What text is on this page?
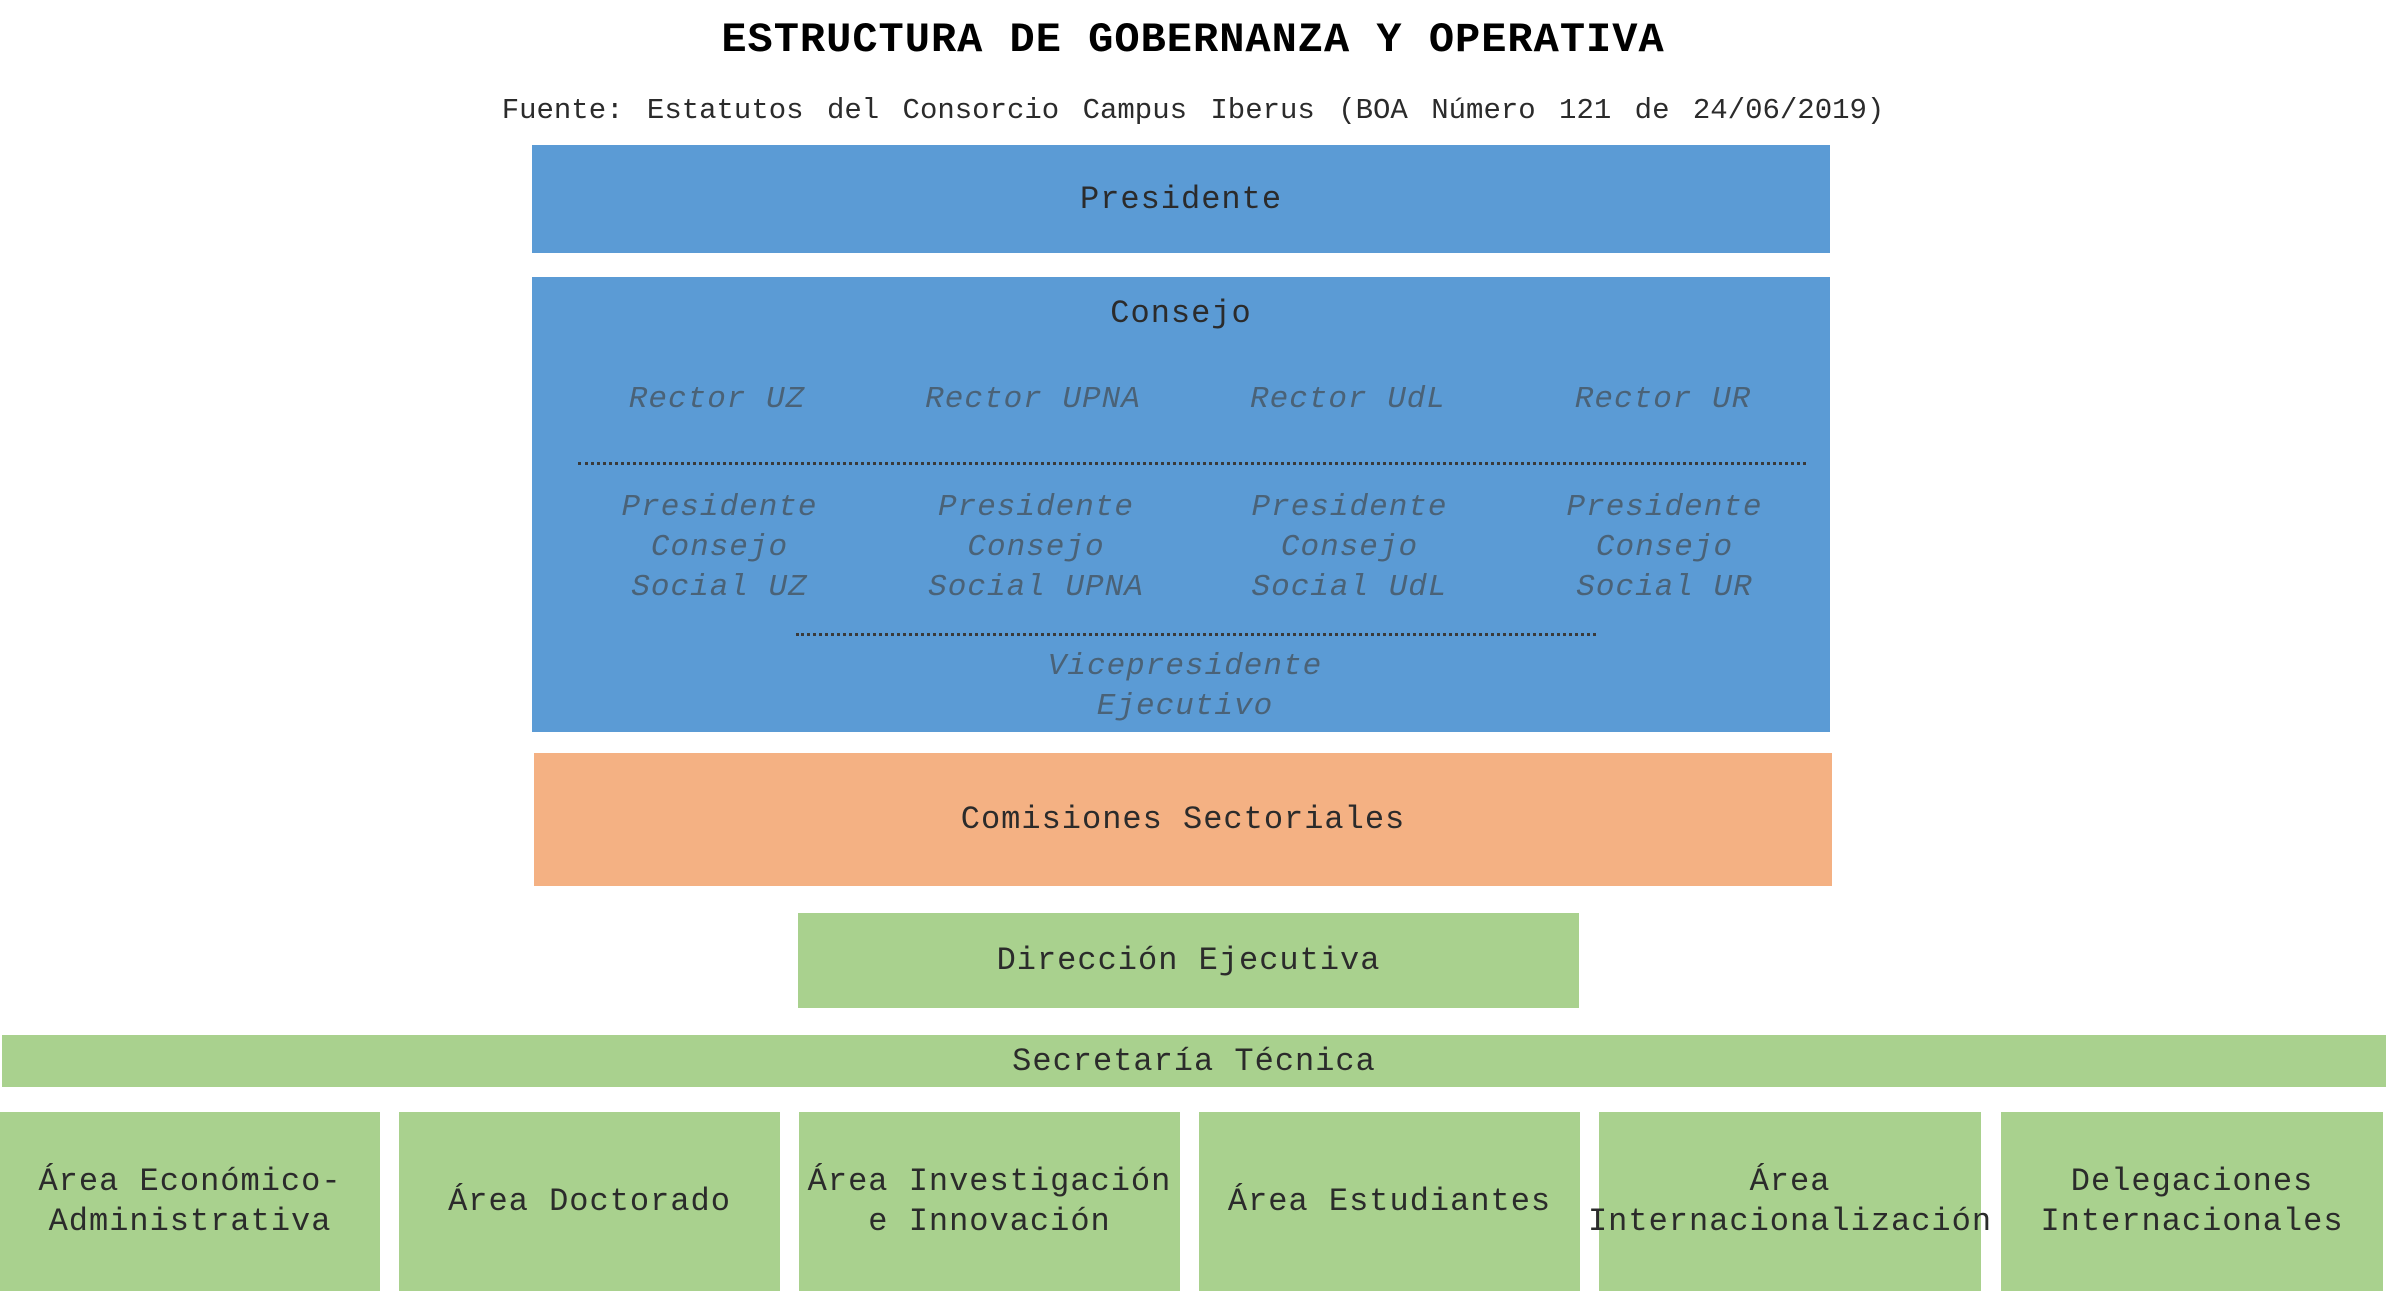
ESTRUCTURA DE GOBERNANZA Y OPERATIVA
Fuente: Estatutos del Consorcio Campus Iberus (BOA Número 121 de 24/06/2019)
Presidente
Consejo
Rector UZ	Rector UPNA	Rector UdL	Rector UR
Presidente Consejo Social UZ
Presidente Consejo Social UPNA
Presidente Consejo Social UdL
Presidente Consejo Social UR
Vicepresidente Ejecutivo
Comisiones Sectoriales
Dirección Ejecutiva
Secretaría Técnica
Área Económico-Administrativa
Área Doctorado
Área Investigación e Innovación
Área Estudiantes
Área Internacionalización
Delegaciones Internacionales
